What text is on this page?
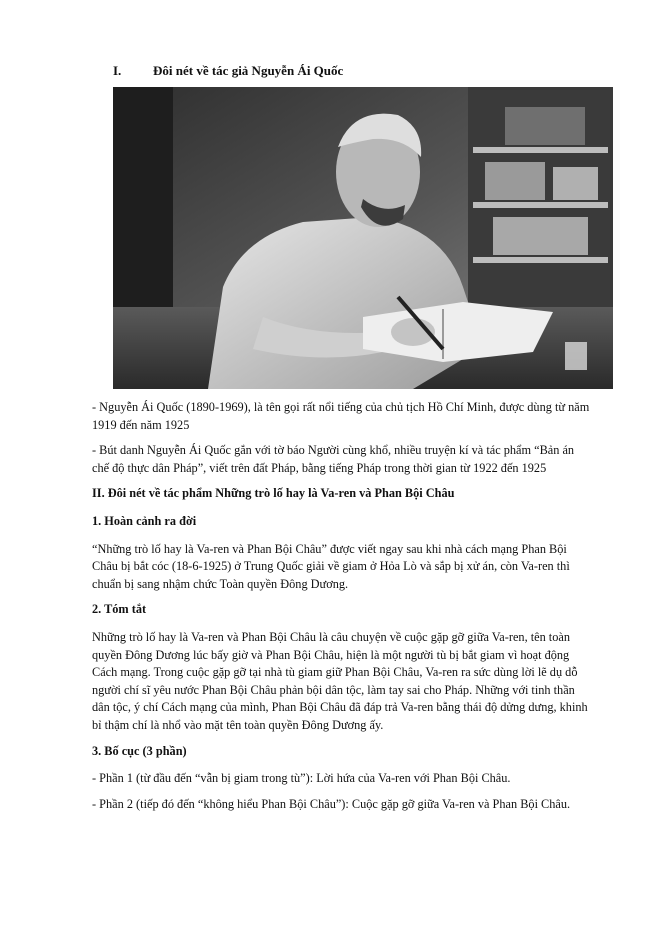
I. Đôi nét về tác giả Nguyễn Ái Quốc

- Nguyễn Ái Quốc (1890-1969), là tên gọi rất nổi tiếng của chủ tịch Hồ Chí Minh, được dùng từ năm 1919 đến năm 1925

- Bút danh Nguyễn Ái Quốc gắn với tờ báo Người cùng khổ, nhiều truyện kí và tác phẩm “Bản án chế độ thực dân Pháp”, viết trên đất Pháp, bằng tiếng Pháp trong thời gian từ 1922 đến 1925

II. Đôi nét về tác phẩm Những trò lố hay là Va-ren và Phan Bội Châu

1. Hoàn cảnh ra đời

“Những trò lố hay là Va-ren và Phan Bội Châu” được viết ngay sau khi nhà cách mạng Phan Bội Châu bị bắt cóc (18-6-1925) ở Trung Quốc giải về giam ở Hỏa Lò và sắp bị xử án, còn Va-ren thì chuẩn bị sang nhậm chức Toàn quyền Đông Dương.

2. Tóm tắt

Những trò lố hay là Va-ren và Phan Bội Châu là câu chuyện về cuộc gặp gỡ giữa Va-ren, tên toàn quyền Đông Dương lúc bấy giờ và Phan Bội Châu, hiện là một người tù bị bắt giam vì hoạt động Cách mạng. Trong cuộc gặp gỡ tại nhà tù giam giữ Phan Bội Châu, Va-ren ra sức dùng lời lẽ dụ dỗ người chí sĩ yêu nước Phan Bội Châu phản bội dân tộc, làm tay sai cho Pháp. Những với tinh thần dân tộc, ý chí Cách mạng của mình, Phan Bội Châu đã đáp trả Va-ren bằng thái độ dửng dưng, khinh bỉ thậm chí là nhổ vào mặt tên toàn quyền Đông Dương ấy.

3. Bố cục (3 phần)

- Phần 1 (từ đầu đến “vẫn bị giam trong tù”): Lời hứa của Va-ren với Phan Bội Châu.

- Phần 2 (tiếp đó đến “không hiểu Phan Bội Châu”): Cuộc gặp gỡ giữa Va-ren và Phan Bội Châu.
